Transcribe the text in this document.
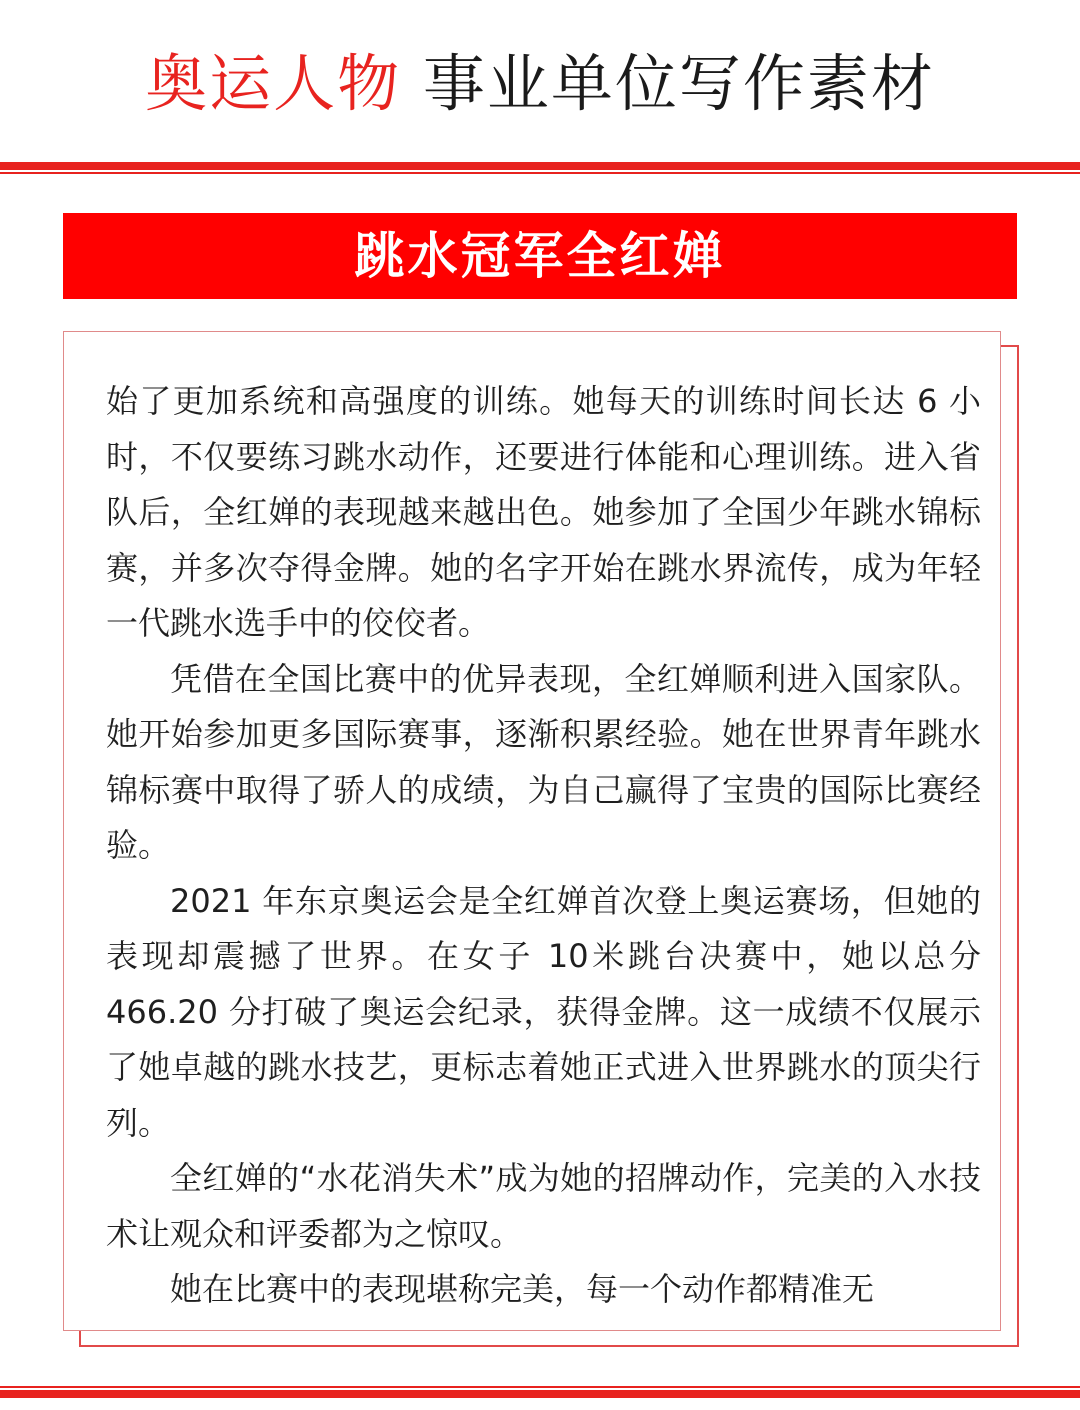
奥运人物 事业单位写作素材
跳水冠军全红婵

始了更加系统和高强度的训练。她每天的训练时间长达 6 小时，不仅要练习跳水动作，还要进行体能和心理训练。进入省队后，全红婵的表现越来越出色。她参加了全国少年跳水锦标赛，并多次夺得金牌。她的名字开始在跳水界流传，成为年轻一代跳水选手中的佼佼者。

凭借在全国比赛中的优异表现，全红婵顺利进入国家队。她开始参加更多国际赛事，逐渐积累经验。她在世界青年跳水锦标赛中取得了骄人的成绩，为自己赢得了宝贵的国际比赛经验。

2021 年东京奥运会是全红婵首次登上奥运赛场，但她的表现却震撼了世界。在女子 10米跳台决赛中，她以总分 466.20 分打破了奥运会纪录，获得金牌。这一成绩不仅展示了她卓越的跳水技艺，更标志着她正式进入世界跳水的顶尖行列。

全红婵的“水花消失术”成为她的招牌动作，完美的入水技术让观众和评委都为之惊叹。

她在比赛中的表现堪称完美，每一个动作都精准无
